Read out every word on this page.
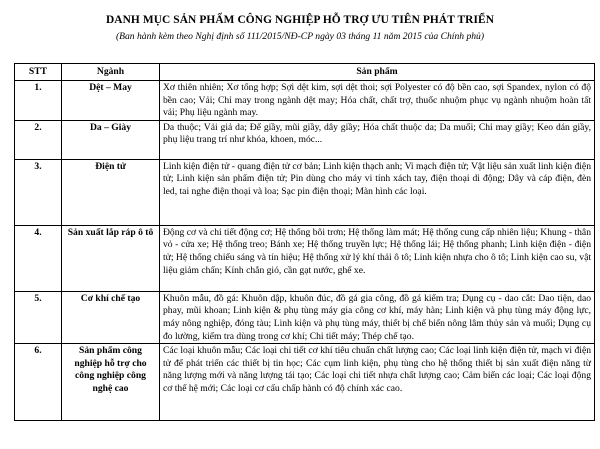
DANH MỤC SẢN PHẨM CÔNG NGHIỆP HỖ TRỢ ƯU TIÊN PHÁT TRIỂN
(Ban hành kèm theo Nghị định số 111/2015/NĐ-CP ngày 03 tháng 11 năm 2015 của Chính phủ)
STT	Ngành	Sản phẩm
1.	Dệt – May	Xơ thiên nhiên; Xơ tổng hợp; Sợi dệt kim, sợi dệt thoi; sợi Polyester có độ bền cao, sợi Spandex, nylon có độ bền cao; Vải; Chỉ may trong ngành dệt may; Hóa chất, chất trợ, thuốc nhuộm phục vụ ngành nhuộm hoàn tất vải; Phụ liệu ngành may.
2.	Da – Giày	Da thuộc; Vải giả da; Đế giầy, mũi giầy, dây giầy; Hóa chất thuộc da; Da muối; Chỉ may giầy; Keo dán giầy, phụ liệu trang trí như khóa, khoen, móc...
3.	Điện tử	Linh kiện điện tử - quang điện tử cơ bản; Linh kiện thạch anh; Vi mạch điện tử; Vật liệu sản xuất linh kiện điện tử; Linh kiện sản phẩm điện tử; Pin dùng cho máy vi tính xách tay, điện thoại di động; Dây và cáp điện, đèn led, tai nghe điện thoại và loa; Sạc pin điện thoại; Màn hình các loại.
4.	Sản xuất lắp ráp ô tô	Động cơ và chi tiết động cơ; Hệ thống bôi trơn; Hệ thống làm mát; Hệ thống cung cấp nhiên liệu; Khung - thân vỏ - cửa xe; Hệ thống treo; Bánh xe; Hệ thống truyền lực; Hệ thống lái; Hệ thống phanh; Linh kiện điện - điện tử; Hệ thống chiếu sáng và tín hiệu; Hệ thống xử lý khí thải ô tô; Linh kiện nhựa cho ô tô; Linh kiện cao su, vật liệu giảm chấn; Kính chắn gió, cần gạt nước, ghế xe.
5.	Cơ khí chế tạo	Khuôn mẫu, đồ gá: Khuôn dập, khuôn đúc, đồ gá gia công, đồ gá kiểm tra; Dụng cụ - dao cắt: Dao tiện, dao phay, mũi khoan; Linh kiện & phụ tùng máy gia công cơ khí, máy hàn; Linh kiện và phụ tùng máy động lực, máy nông nghiệp, đóng tàu; Linh kiện và phụ tùng máy, thiết bị chế biến nông lâm thủy sản và muối; Dụng cụ đo lường, kiểm tra dùng trong cơ khí; Chi tiết máy; Thép chế tạo.
6.	Sản phẩm công nghiệp hỗ trợ cho công nghiệp công nghệ cao	Các loại khuôn mẫu; Các loại chi tiết cơ khí tiêu chuẩn chất lượng cao; Các loại linh kiện điện tử, mạch vi điện tử để phát triển các thiết bị tin học; Các cụm linh kiện, phụ tùng cho hệ thống thiết bị sản xuất điện năng từ năng lượng mới và năng lượng tái tạo; Các loại chi tiết nhựa chất lượng cao; Cảm biến các loại; Các loại động cơ thế hệ mới; Các loại cơ cấu chấp hành có độ chính xác cao.
